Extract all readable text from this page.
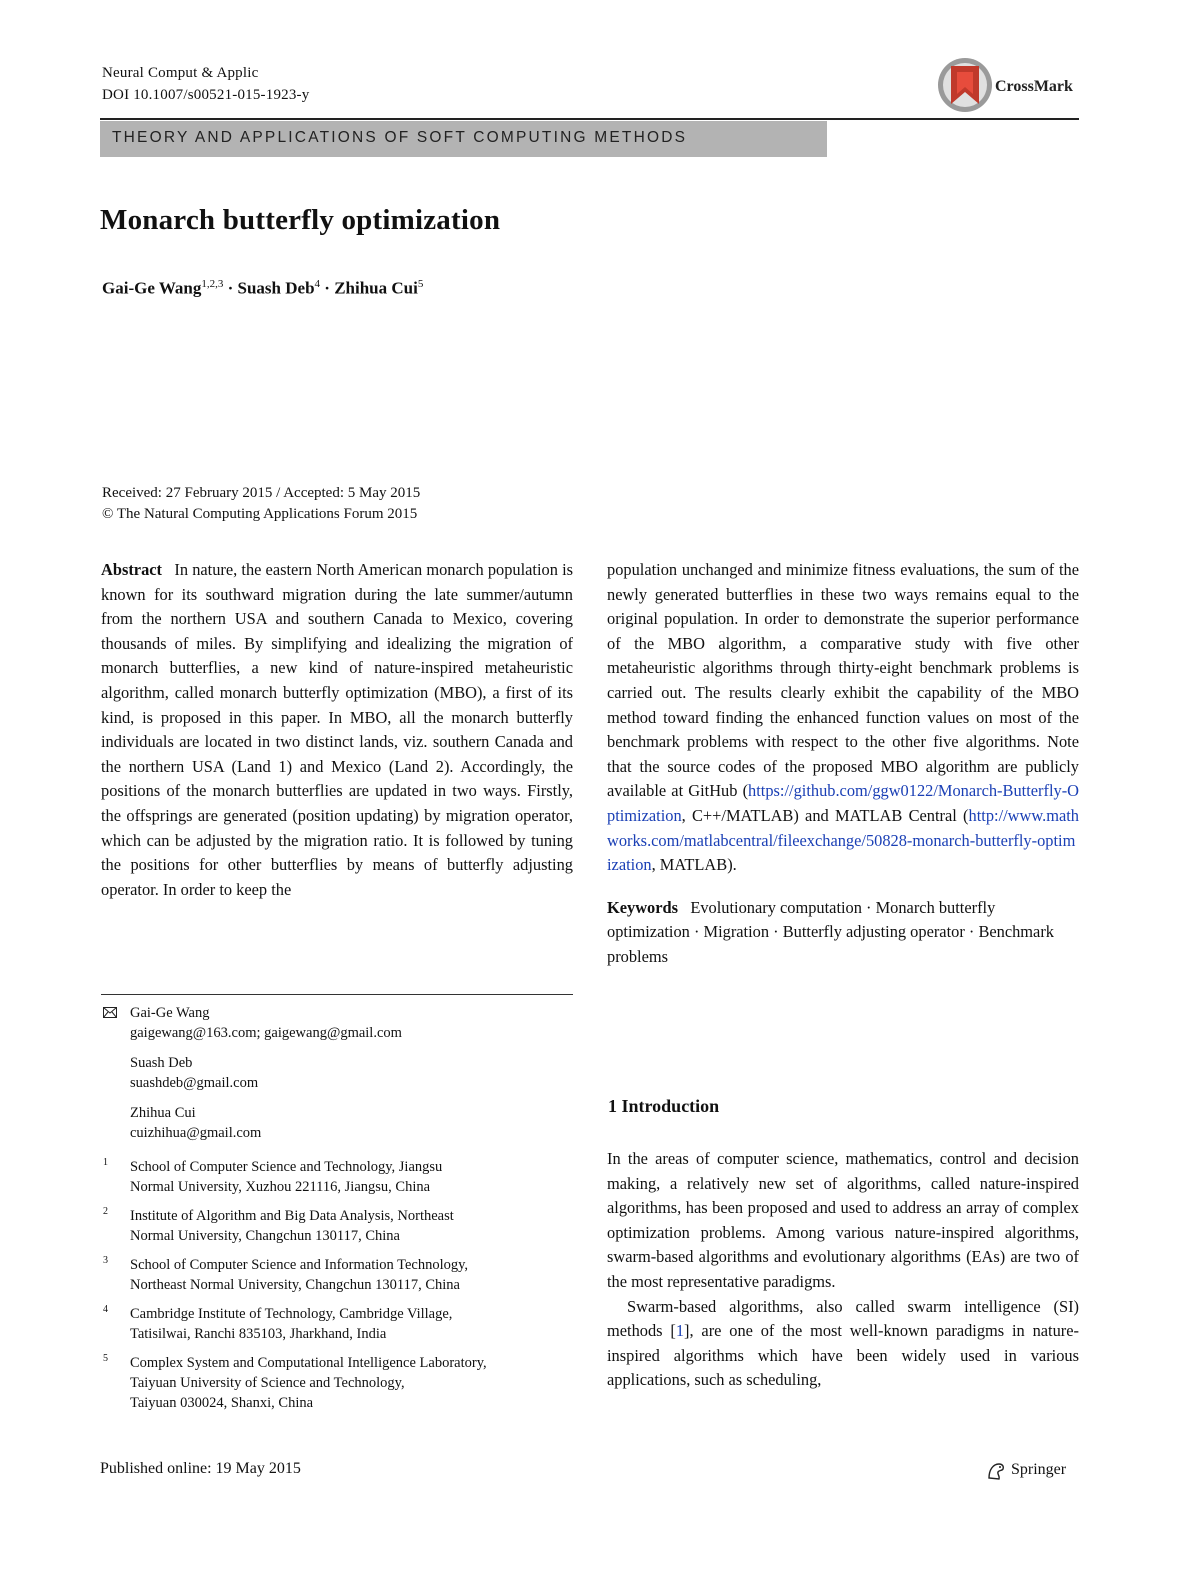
Neural Comput & Applic
DOI 10.1007/s00521-015-1923-y	CrossMark
THEORY AND APPLICATIONS OF SOFT COMPUTING METHODS
Monarch butterfly optimization
Gai-Ge Wang$^{1,2,3}$ · Suash Deb$^4$ · Zhihua Cui$^5$
Received: 27 February 2015 / Accepted: 5 May 2015
© The Natural Computing Applications Forum 2015

Abstract In nature, the eastern North American monarch population is known for its southward migration during the late summer/autumn from the northern USA and southern Canada to Mexico, covering thousands of miles. By simplifying and idealizing the migration of monarch butterflies, a new kind of nature-inspired metaheuristic algorithm, called monarch butterfly optimization (MBO), a first of its kind, is proposed in this paper. In MBO, all the monarch butterfly individuals are located in two distinct lands, viz. southern Canada and the northern USA (Land 1) and Mexico (Land 2). Accordingly, the positions of the monarch butterflies are updated in two ways. Firstly, the offsprings are generated (position updating) by migration operator, which can be adjusted by the migration ratio. It is followed by tuning the positions for other butterflies by means of butterfly adjusting operator. In order to keep the

population unchanged and minimize fitness evaluations, the sum of the newly generated butterflies in these two ways remains equal to the original population. In order to demonstrate the superior performance of the MBO algorithm, a comparative study with five other metaheuristic algorithms through thirty-eight benchmark problems is carried out. The results clearly exhibit the capability of the MBO method toward finding the enhanced function values on most of the benchmark problems with respect to the other five algorithms. Note that the source codes of the proposed MBO algorithm are publicly available at GitHub (https://github.com/ggw0122/Monarch-Butterfly-Optimization, C++/MATLAB) and MATLAB Central (http://www.mathworks.com/matlabcentral/fileexchange/50828-monarch-butterfly-optimization, MATLAB).

Keywords Evolutionary computation · Monarch butterfly optimization · Migration · Butterfly adjusting operator · Benchmark problems

Gai-Ge Wang
gaigewang@163.com; gaigewang@gmail.com
Suash Deb
suashdeb@gmail.com
Zhihua Cui
cuizhihua@gmail.com
1 School of Computer Science and Technology, Jiangsu
Normal University, Xuzhou 221116, Jiangsu, China
2 Institute of Algorithm and Big Data Analysis, Northeast
Normal University, Changchun 130117, China
3 School of Computer Science and Information Technology,
Northeast Normal University, Changchun 130117, China
4 Cambridge Institute of Technology, Cambridge Village,
Tatisilwai, Ranchi 835103, Jharkhand, India
5 Complex System and Computational Intelligence Laboratory,
Taiyuan University of Science and Technology,
Taiyuan 030024, Shanxi, China
1 Introduction

In the areas of computer science, mathematics, control and decision making, a relatively new set of algorithms, called nature-inspired algorithms, has been proposed and used to address an array of complex optimization problems. Among various nature-inspired algorithms, swarm-based algorithms and evolutionary algorithms (EAs) are two of the most representative paradigms.

Swarm-based algorithms, also called swarm intelligence (SI) methods [1], are one of the most well-known paradigms in nature-inspired algorithms which have been widely used in various applications, such as scheduling,

Published online: 19 May 2015	Springer
